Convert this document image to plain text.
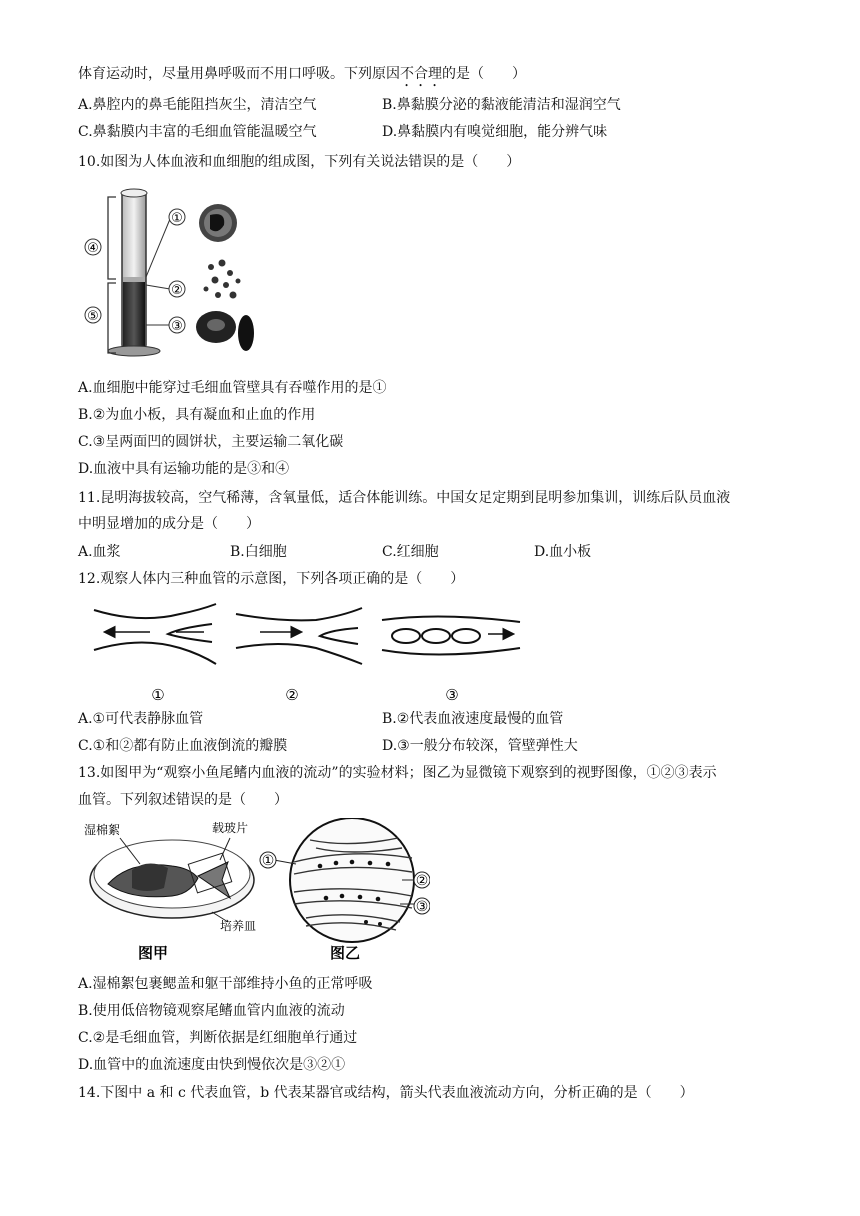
体育运动时，尽量用鼻呼吸而不用口呼吸。下列原因不合理的是（　　）
A.鼻腔内的鼻毛能阻挡灰尘，清洁空气	B.鼻黏膜分泌的黏液能清洁和湿润空气
C.鼻黏膜内丰富的毛细血管能温暖空气	D.鼻黏膜内有嗅觉细胞，能分辨气味
10.如图为人体血液和血细胞的组成图，下列有关说法错误的是（　　）
④
⑤
①
②
③
A.血细胞中能穿过毛细血管壁具有吞噬作用的是①
B.②为血小板，具有凝血和止血的作用
C.③呈两面凹的圆饼状，主要运输二氧化碳
D.血液中具有运输功能的是③和④
11.昆明海拔较高，空气稀薄，含氧量低，适合体能训练。中国女足定期到昆明参加集训，训练后队员血液
中明显增加的成分是（　　）
A.血浆	B.白细胞	C.红细胞	D.血小板
12.观察人体内三种血管的示意图，下列各项正确的是（　　）
①	②	③
A.①可代表静脉血管	B.②代表血液速度最慢的血管
C.①和②都有防止血液倒流的瓣膜	D.③一般分布较深，管壁弹性大
13.如图甲为“观察小鱼尾鳍内血液的流动”的实验材料；图乙为显微镜下观察到的视野图像，①②③表示
血管。下列叙述错误的是（　　）
湿棉絮	载玻片
培养皿
图甲	图乙
①
②
③
A.湿棉絮包裹鳃盖和躯干部维持小鱼的正常呼吸
B.使用低倍物镜观察尾鳍血管内血液的流动
C.②是毛细血管，判断依据是红细胞单行通过
D.血管中的血流速度由快到慢依次是③②①
14.下图中 a 和 c 代表血管，b 代表某器官或结构，箭头代表血液流动方向，分析正确的是（　　）
